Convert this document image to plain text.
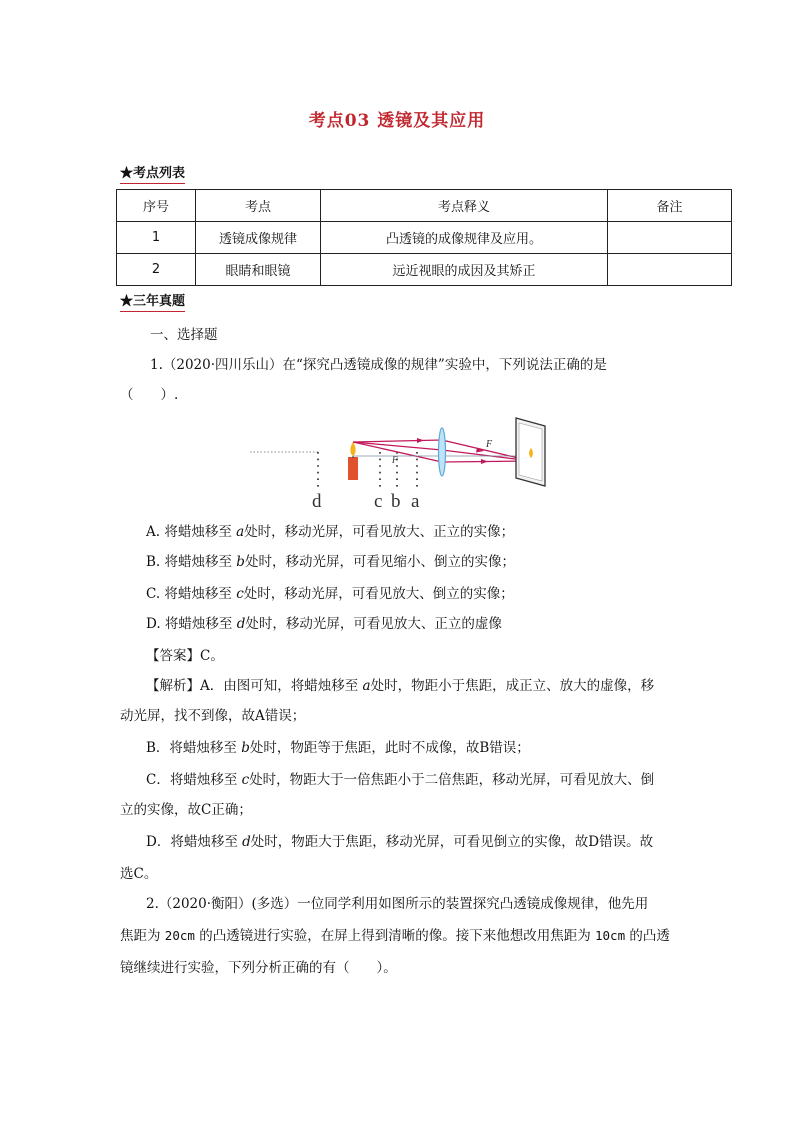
考点03 透镜及其应用
★考点列表
序号	考点	考点释义	备注
1	透镜成像规律	凸透镜的成像规律及应用。	
2	眼睛和眼镜	远近视眼的成因及其矫正	
★三年真题
一、选择题
1.（2020·四川乐山）在“探究凸透镜成像的规律”实验中，下列说法正确的是
（　　）.
F
F
d	c b a
A. 将蜡烛移至 a处时，移动光屏，可看见放大、正立的实像；
B. 将蜡烛移至 b处时，移动光屏，可看见缩小、倒立的实像；
C. 将蜡烛移至 c处时，移动光屏，可看见放大、倒立的实像；
D. 将蜡烛移至 d处时，移动光屏，可看见放大、正立的虚像
【答案】C。
【解析】A．由图可知，将蜡烛移至 a处时，物距小于焦距，成正立、放大的虚像，移
动光屏，找不到像，故A错误；
B．将蜡烛移至 b处时，物距等于焦距，此时不成像，故B错误；
C．将蜡烛移至 c处时，物距大于一倍焦距小于二倍焦距，移动光屏，可看见放大、倒
立的实像，故C正确；
D．将蜡烛移至 d处时，物距大于焦距，移动光屏，可看见倒立的实像，故D错误。故
选C。
2.（2020·衡阳）(多选）一位同学利用如图所示的装置探究凸透镜成像规律，他先用
焦距为 20cm 的凸透镜进行实验，在屏上得到清晰的像。接下来他想改用焦距为 10cm 的凸透
镜继续进行实验，下列分析正确的有（　　）。
